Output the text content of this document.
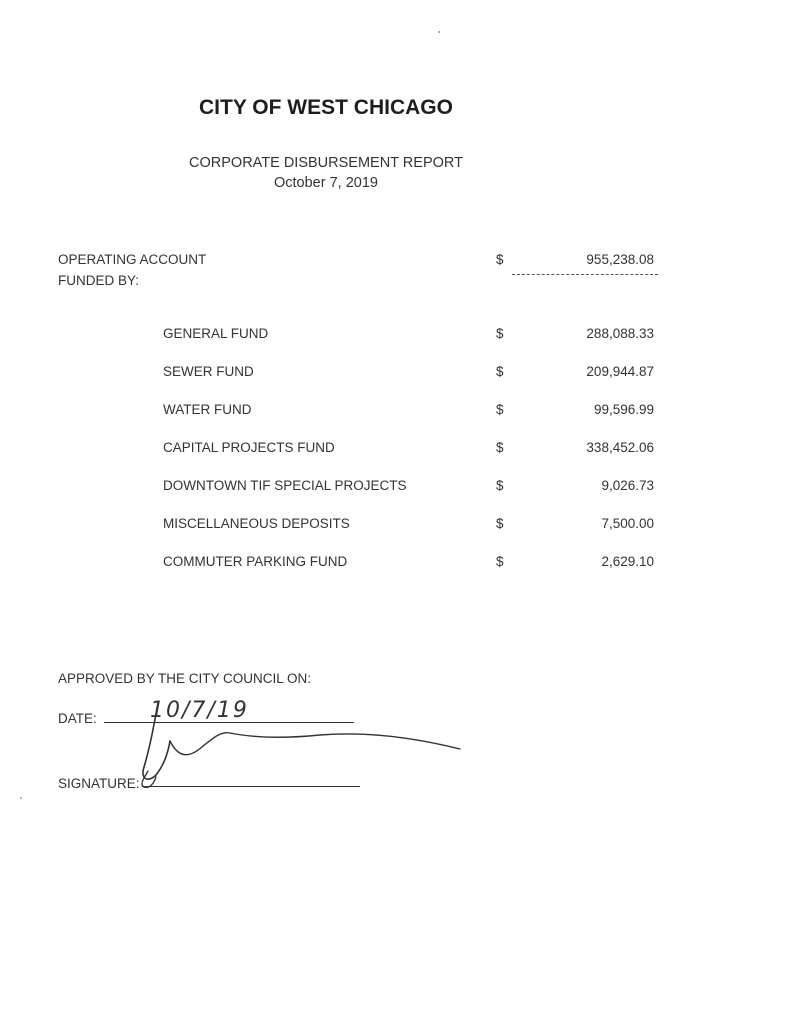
CITY OF WEST CHICAGO
CORPORATE DISBURSEMENT REPORT
October 7, 2019
OPERATING ACCOUNT	$	955,238.08
FUNDED BY:
GENERAL FUND	$	288,088.33
SEWER FUND	$	209,944.87
WATER FUND	$	99,596.99
CAPITAL PROJECTS FUND	$	338,452.06
DOWNTOWN TIF SPECIAL PROJECTS	$	9,026.73
MISCELLANEOUS DEPOSITS	$	7,500.00
COMMUTER PARKING FUND	$	2,629.10
APPROVED BY THE CITY COUNCIL ON:
DATE: 10/7/19
SIGNATURE:
